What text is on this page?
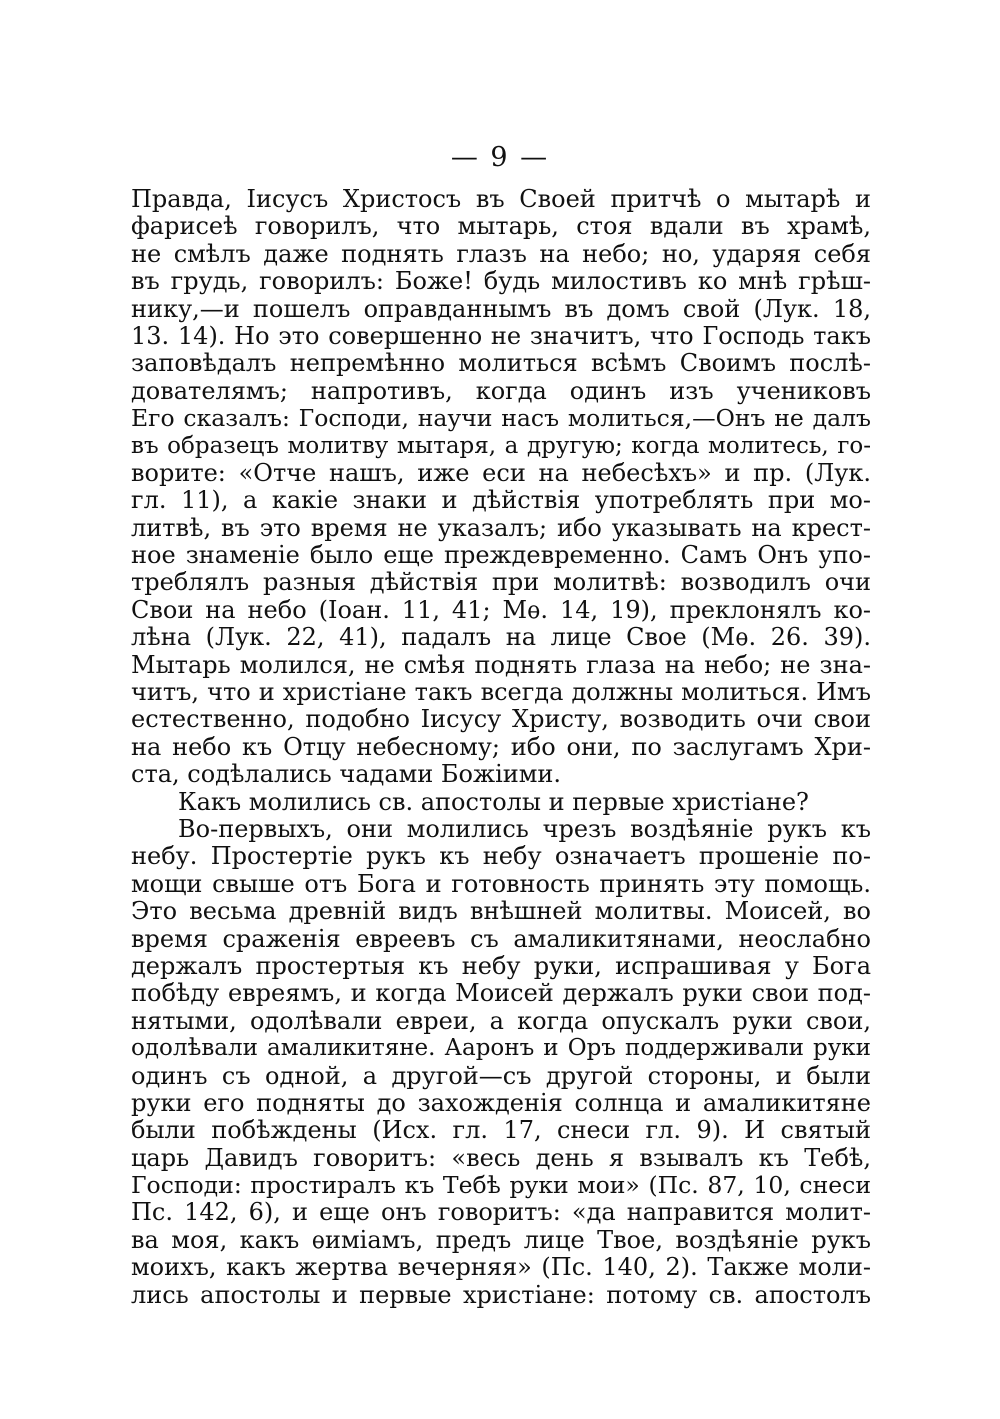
— 9 —
Правда, Іисусъ Христосъ въ Своей притчѣ о мытарѣ и
фарисеѣ говорилъ, что мытарь, стоя вдали въ храмѣ,
не смѣлъ даже поднять глазъ на небо; но, ударяя себя
въ грудь, говорилъ: Боже! будь милостивъ ко мнѣ грѣш-
нику,—и пошелъ оправданнымъ въ домъ свой (Лук. 18,
13. 14). Но это совершенно не значитъ, что Господь такъ
заповѣдалъ непремѣнно молиться всѣмъ Своимъ послѣ-
дователямъ; напротивъ, когда одинъ изъ учениковъ
Его сказалъ: Господи, научи насъ молиться,—Онъ не далъ
въ образецъ молитву мытаря, а другую; когда молитесь, го-
ворите: «Отче нашъ, иже еси на небесѣхъ» и пр. (Лук.
гл. 11), а какіе знаки и дѣйствія употреблять при мо-
литвѣ, въ это время не указалъ; ибо указывать на крест-
ное знаменіе было еще преждевременно. Самъ Онъ упо-
треблялъ разныя дѣйствія при молитвѣ: возводилъ очи
Свои на небо (Іоан. 11, 41; Мѳ. 14, 19), преклонялъ ко-
лѣна (Лук. 22, 41), падалъ на лице Свое (Мѳ. 26. 39).
Мытарь молился, не смѣя поднять глаза на небо; не зна-
читъ, что и христіане такъ всегда должны молиться. Имъ
естественно, подобно Іисусу Христу, возводить очи свои
на небо къ Отцу небесному; ибо они, по заслугамъ Хри-
ста, содѣлались чадами Божіими.
Какъ молились св. апостолы и первые христіане?
Во-первыхъ, они молились чрезъ воздѣяніе рукъ къ
небу. Простертіе рукъ къ небу означаетъ прошеніе по-
мощи свыше отъ Бога и готовность принять эту помощь.
Это весьма древній видъ внѣшней молитвы. Моисей, во
время сраженія евреевъ съ амаликитянами, неослабно
держалъ простертыя къ небу руки, испрашивая у Бога
побѣду евреямъ, и когда Моисей держалъ руки свои под-
нятыми, одолѣвали евреи, а когда опускалъ руки свои,
одолѣвали амаликитяне. Ааронъ и Оръ поддерживали руки
одинъ съ одной, а другой—съ другой стороны, и были
руки его подняты до захожденія солнца и амаликитяне
были побѣждены (Исх. гл. 17, снеси гл. 9). И святый
царь Давидъ говоритъ: «весь день я взывалъ къ Тебѣ,
Господи: простиралъ къ Тебѣ руки мои» (Пс. 87, 10, снеси
Пс. 142, 6), и еще онъ говоритъ: «да направится молит-
ва моя, какъ ѳиміамъ, предъ лице Твое, воздѣяніе рукъ
моихъ, какъ жертва вечерняя» (Пс. 140, 2). Также моли-
лись апостолы и первые христіане: потому св. апостолъ
